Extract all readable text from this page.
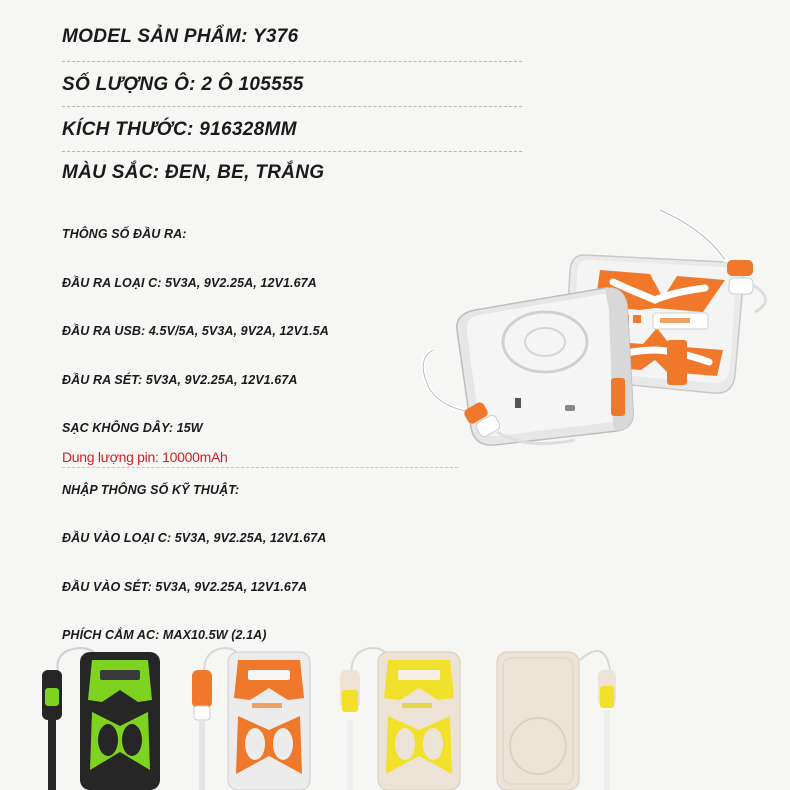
MODEL SẢN PHẨM: Y376
SỐ LƯỢNG Ô: 2 Ô 105555
KÍCH THƯỚC: 916328MM
MÀU SẮC: ĐEN, BE, TRẮNG
THÔNG SỐ ĐẦU RA:
ĐẦU RA LOẠI C: 5V3A, 9V2.25A, 12V1.67A
ĐẦU RA USB: 4.5V/5A, 5V3A, 9V2A, 12V1.5A
ĐẦU RA SÉT: 5V3A, 9V2.25A, 12V1.67A
SẠC KHÔNG DÂY: 15W
Dung lượng pin: 10000mAh
NHẬP THÔNG SỐ KỸ THUẬT:
ĐẦU VÀO LOẠI C: 5V3A, 9V2.25A, 12V1.67A
ĐẦU VÀO SÉT: 5V3A, 9V2.25A, 12V1.67A
PHÍCH CẮM AC: MAX10.5W (2.1A)
